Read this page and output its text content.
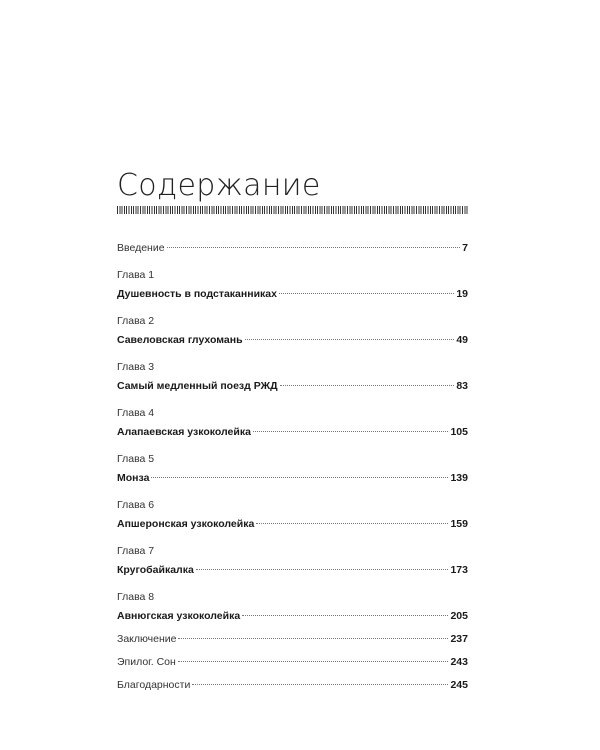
Содержание
Введение	7
Глава 1
Душевность в подстаканниках	19
Глава 2
Савеловская глухомань	49
Глава 3
Самый медленный поезд РЖД	83
Глава 4
Алапаевская узкоколейка	105
Глава 5
Монза	139
Глава 6
Апшеронская узкоколейка	159
Глава 7
Кругобайкалка	173
Глава 8
Авнюгская узкоколейка	205
Заключение	237
Эпилог. Сон	243
Благодарности	245
